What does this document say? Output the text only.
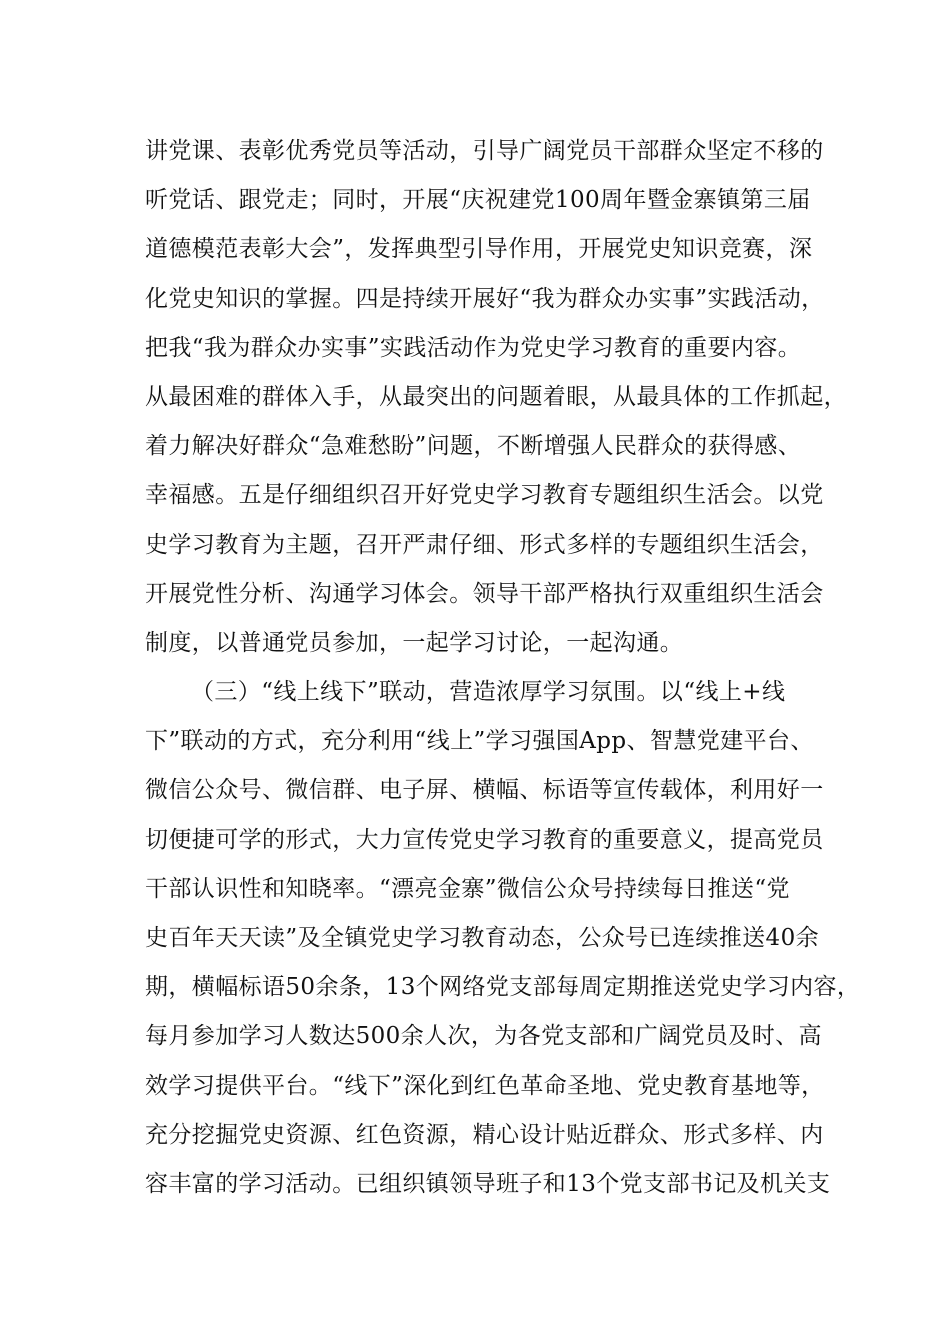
讲党课、表彰优秀党员等活动，引导广阔党员干部群众坚定不移的
听党话、跟党走；同时，开展“庆祝建党100周年暨金寨镇第三届
道德模范表彰大会”，发挥典型引导作用，开展党史知识竞赛，深
化党史知识的掌握。四是持续开展好“我为群众办实事”实践活动，
把我“我为群众办实事”实践活动作为党史学习教育的重要内容。
从最困难的群体入手，从最突出的问题着眼，从最具体的工作抓起，
着力解决好群众“急难愁盼”问题，不断增强人民群众的获得感、
幸福感。五是仔细组织召开好党史学习教育专题组织生活会。以党
史学习教育为主题，召开严肃仔细、形式多样的专题组织生活会，
开展党性分析、沟通学习体会。领导干部严格执行双重组织生活会
制度，以普通党员参加，一起学习讨论，一起沟通。
（三）“线上线下”联动，营造浓厚学习氛围。以“线上+线
下”联动的方式，充分利用“线上”学习强国App、智慧党建平台、
微信公众号、微信群、电子屏、横幅、标语等宣传载体，利用好一
切便捷可学的形式，大力宣传党史学习教育的重要意义，提高党员
干部认识性和知晓率。“漂亮金寨”微信公众号持续每日推送“党
史百年天天读”及全镇党史学习教育动态，公众号已连续推送40余
期，横幅标语50余条，13个网络党支部每周定期推送党史学习内容，
每月参加学习人数达500余人次，为各党支部和广阔党员及时、高
效学习提供平台。“线下”深化到红色革命圣地、党史教育基地等，
充分挖掘党史资源、红色资源，精心设计贴近群众、形式多样、内
容丰富的学习活动。已组织镇领导班子和13个党支部书记及机关支
